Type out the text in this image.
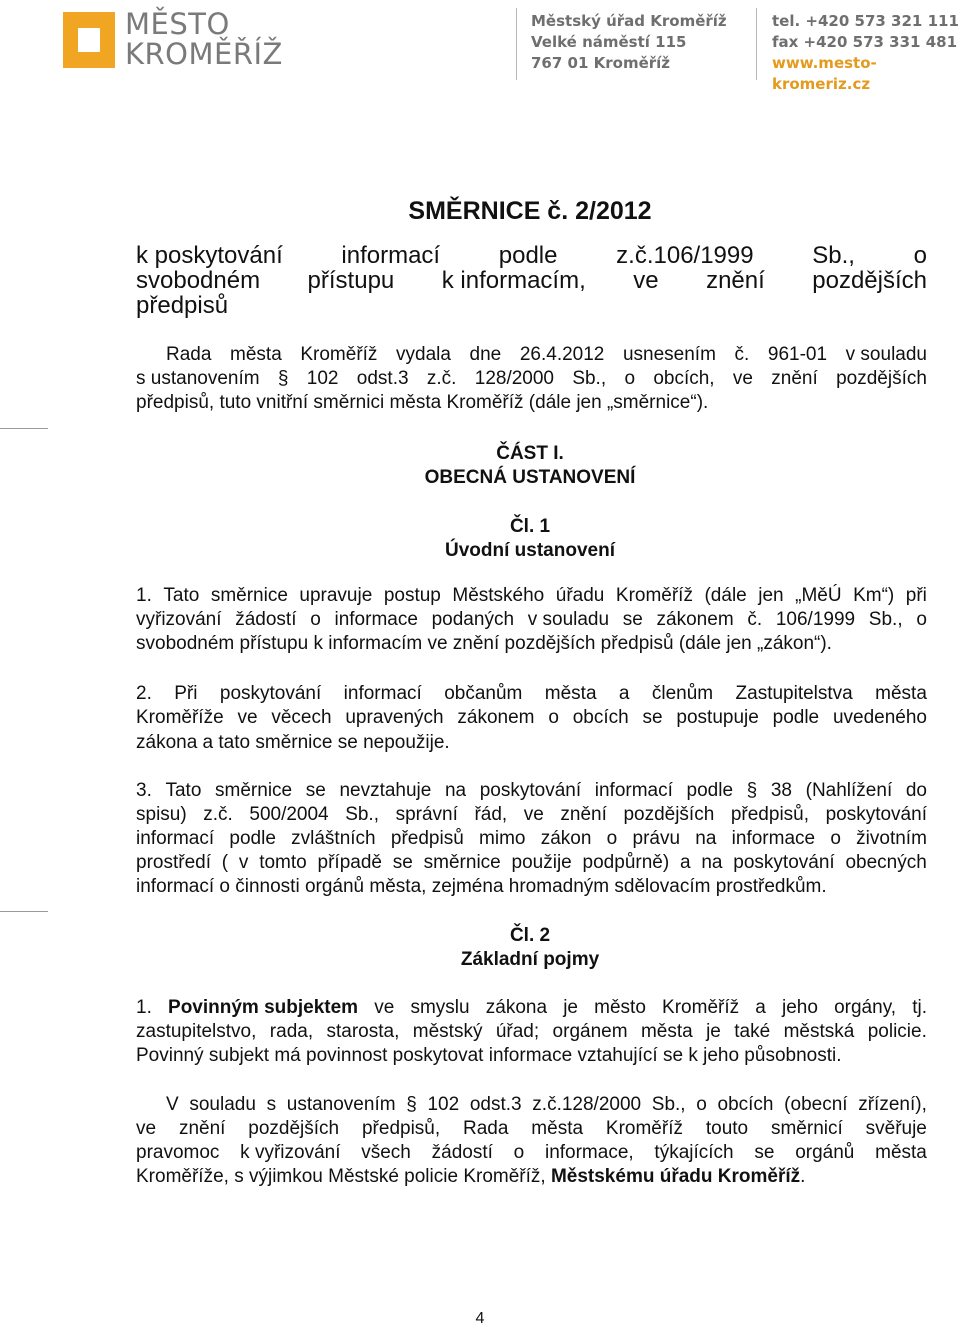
MĚSTO
KROMĚŘÍŽ
Městský úřad Kroměříž
Velké náměstí 115
767 01 Kroměříž
tel. +420 573 321 111
fax +420 573 331 481
www.mesto-kromeriz.cz
SMĚRNICE č. 2/2012
k poskytování informací podle z.č.106/1999 Sb., o
svobodném přístupu k informacím, ve znění pozdějších
předpisů
Rada města Kroměříž vydala dne 26.4.2012 usnesením č. 961-01 v souladu
s ustanovením § 102 odst.3 z.č. 128/2000 Sb., o obcích, ve znění pozdějších
předpisů, tuto vnitřní směrnici města Kroměříž (dále jen „směrnice“).
ČÁST I.
OBECNÁ USTANOVENÍ
Čl. 1
Úvodní ustanovení
1. Tato směrnice upravuje postup Městského úřadu Kroměříž (dále jen „MěÚ Km“) při
vyřizování žádostí o informace podaných v souladu se zákonem č. 106/1999 Sb., o
svobodném přístupu k informacím ve znění pozdějších předpisů (dále jen „zákon“).
2. Při poskytování informací občanům města a členům Zastupitelstva města
Kroměříže ve věcech upravených zákonem o obcích se postupuje podle uvedeného
zákona a tato směrnice se nepoužije.
3. Tato směrnice se nevztahuje na poskytování informací podle § 38 (Nahlížení do
spisu) z.č. 500/2004 Sb., správní řád, ve znění pozdějších předpisů, poskytování
informací podle zvláštních předpisů mimo zákon o právu na informace o životním
prostředí ( v tomto případě se směrnice použije podpůrně) a na poskytování obecných
informací o činnosti orgánů města, zejména hromadným sdělovacím prostředkům.
Čl. 2
Základní pojmy
1. Povinným subjektem ve smyslu zákona je město Kroměříž a jeho orgány, tj.
zastupitelstvo, rada, starosta, městský úřad; orgánem města je také městská policie.
Povinný subjekt má povinnost poskytovat informace vztahující se k jeho působnosti.
V souladu s ustanovením § 102 odst.3 z.č.128/2000 Sb., o obcích (obecní zřízení),
ve znění pozdějších předpisů, Rada města Kroměříž touto směrnicí svěřuje
pravomoc k vyřizování všech žádostí o informace, týkajících se orgánů města
Kroměříže, s výjimkou Městské policie Kroměříž, Městskému úřadu Kroměříž.
4
